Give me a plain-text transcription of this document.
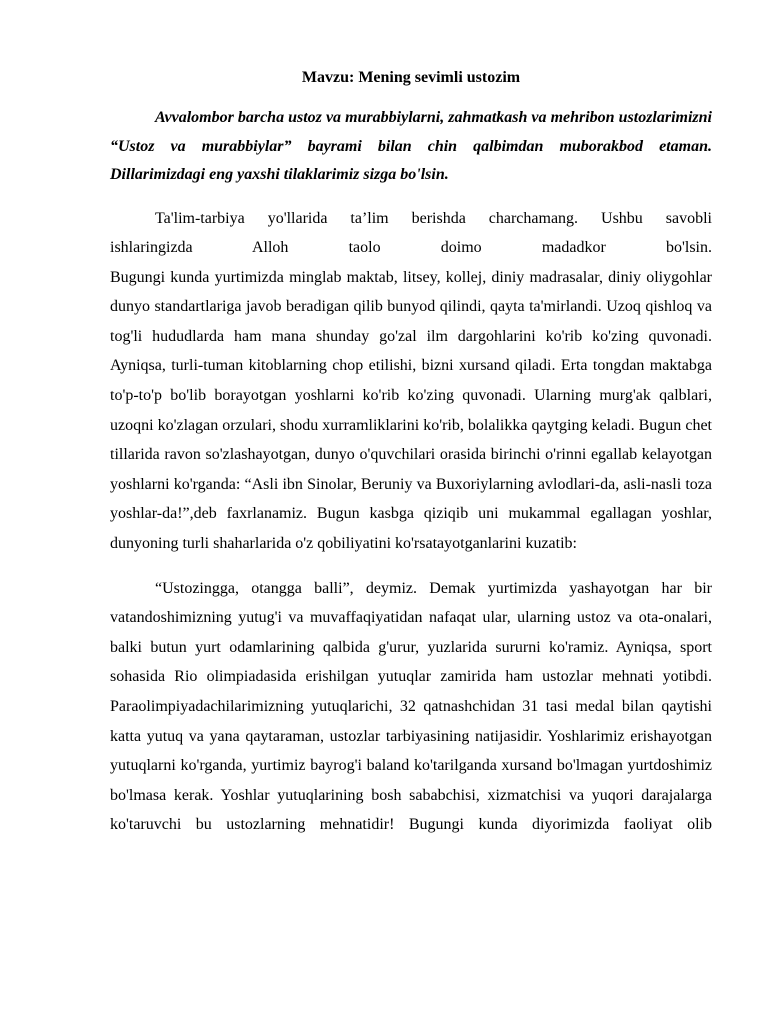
Mavzu: Mening sevimli ustozim

Avvalombor barcha ustoz va murabbiylarni, zahmatkash va mehribon ustozlarimizni “Ustoz va murabbiylar” bayrami bilan chin qalbimdan muborakbod etaman. Dillarimizdagi eng yaxshi tilaklarimiz sizga bo'lsin.

Ta'lim-tarbiya yo'llarida ta’lim berishda charchamang. Ushbu savobli
ishlaringizda Alloh taolo doimo madadkor bo'lsin.
Bugungi kunda yurtimizda minglab maktab, litsey, kollej, diniy madrasalar, diniy oliygohlar dunyo standartlariga javob beradigan qilib bunyod qilindi, qayta ta'mirlandi. Uzoq qishloq va tog'li hududlarda ham mana shunday go'zal ilm dargohlarini ko'rib ko'zing quvonadi. Ayniqsa, turli-tuman kitoblarning chop etilishi, bizni xursand qiladi. Erta tongdan maktabga to'p-to'p bo'lib borayotgan yoshlarni ko'rib ko'zing quvonadi. Ularning murg'ak qalblari, uzoqni ko'zlagan orzulari, shodu xurramliklarini ko'rib, bolalikka qaytging keladi. Bugun chet tillarida ravon so'zlashayotgan, dunyo o'quvchilari orasida birinchi o'rinni egallab kelayotgan yoshlarni ko'rganda: “Asli ibn Sinolar, Beruniy va Buxoriylarning avlodlari-da, asli-nasli toza yoshlar-da!”,deb faxrlanamiz. Bugun kasbga qiziqib uni mukammal egallagan yoshlar, dunyoning turli shaharlarida o'z qobiliyatini ko'rsatayotganlarini kuzatib:

“Ustozingga, otangga balli”, deymiz. Demak yurtimizda yashayotgan har bir vatandoshimizning yutug'i va muvaffaqiyatidan nafaqat ular, ularning ustoz va ota-onalari, balki butun yurt odamlarining qalbida g'urur, yuzlarida sururni ko'ramiz. Ayniqsa, sport sohasida Rio olimpiadasida erishilgan yutuqlar zamirida ham ustozlar mehnati yotibdi. Paraolimpiyadachilarimizning yutuqlarichi, 32 qatnashchidan 31 tasi medal bilan qaytishi katta yutuq va yana qaytaraman, ustozlar tarbiyasining natijasidir. Yoshlarimiz erishayotgan yutuqlarni ko'rganda, yurtimiz bayrog'i baland ko'tarilganda xursand bo'lmagan yurtdoshimiz bo'lmasa kerak. Yoshlar yutuqlarining bosh sababchisi, xizmatchisi va yuqori darajalarga ko'taruvchi bu ustozlarning mehnatidir! Bugungi kunda diyorimizda faoliyat olib
